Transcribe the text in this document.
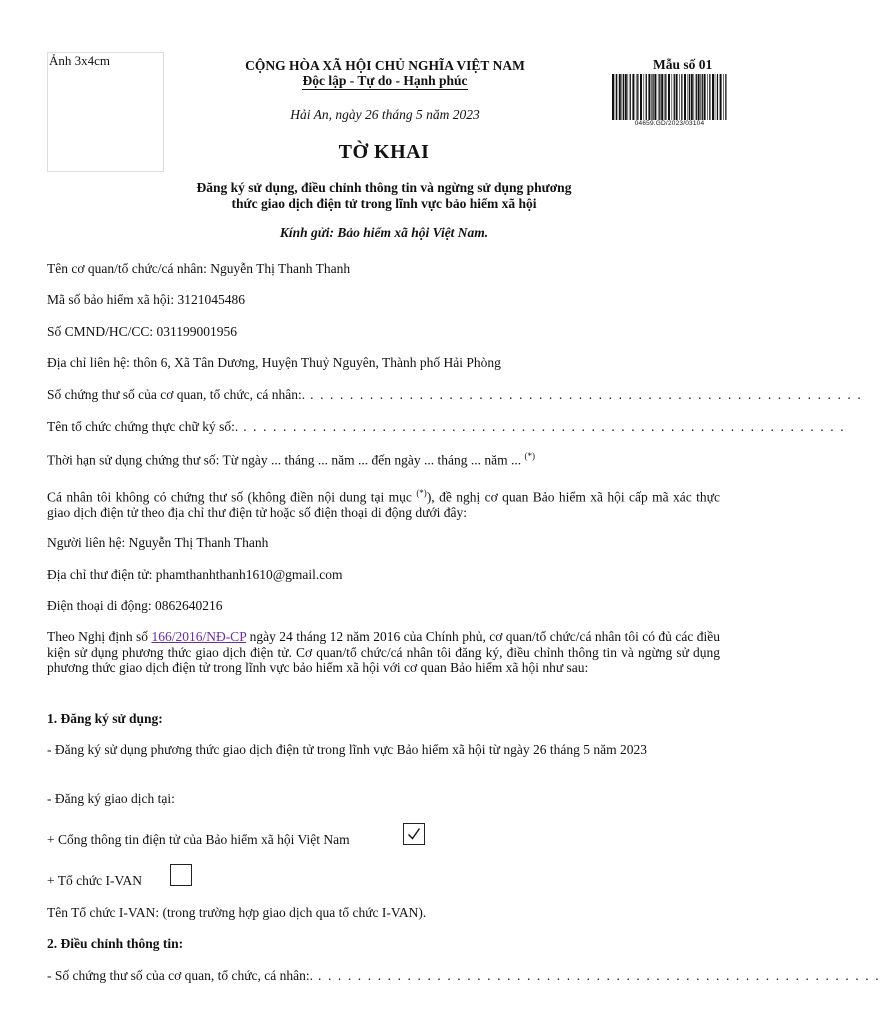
Ảnh 3x4cm	CỘNG HÒA XÃ HỘI CHỦ NGHĨA VIỆT NAM
Độc lập - Tự do - Hạnh phúc
Hải An, ngày 26 tháng 5 năm 2023
Mẫu số 01
04659.GD/2023/03104
TỜ KHAI
Đăng ký sử dụng, điều chỉnh thông tin và ngừng sử dụng phương
thức giao dịch điện tử trong lĩnh vực bảo hiểm xã hội
Kính gửi: Bảo hiểm xã hội Việt Nam.
Tên cơ quan/tổ chức/cá nhân: Nguyễn Thị Thanh Thanh
Mã số bảo hiểm xã hội: 3121045486
Số CMND/HC/CC: 031199001956
Địa chỉ liên hệ: thôn 6, Xã Tân Dương, Huyện Thuỷ Nguyên, Thành phố Hải Phòng
Số chứng thư số của cơ quan, tổ chức, cá nhân:. . . . . . . . . . . . . . . . . . . . . . . . . . . . . . . . . . . . . . . . . . . . . . . . . . . . . . . . .
Tên tổ chức chứng thực chữ ký số:. . . . . . . . . . . . . . . . . . . . . . . . . . . . . . . . . . . . . . . . . . . . . . . . . . . . . . . . . . . . . .
Thời hạn sử dụng chứng thư số: Từ ngày ... tháng ... năm ... đến ngày ... tháng ... năm ... (*)
Cá nhân tôi không có chứng thư số (không điền nội dung tại mục (*)), đề nghị cơ quan Bảo hiểm xã hội cấp mã xác thực giao dịch điện tử theo địa chỉ thư điện tử hoặc số điện thoại di động dưới đây:
Người liên hệ: Nguyễn Thị Thanh Thanh
Địa chỉ thư điện tử: phamthanhthanh1610@gmail.com
Điện thoại di động: 0862640216
Theo Nghị định số 166/2016/NĐ-CP ngày 24 tháng 12 năm 2016 của Chính phủ, cơ quan/tổ chức/cá nhân tôi có đủ các điều kiện sử dụng phương thức giao dịch điện tử. Cơ quan/tổ chức/cá nhân tôi đăng ký, điều chỉnh thông tin và ngừng sử dụng phương thức giao dịch điện tử trong lĩnh vực bảo hiểm xã hội với cơ quan Bảo hiểm xã hội như sau:
1. Đăng ký sử dụng:
- Đăng ký sử dụng phương thức giao dịch điện tử trong lĩnh vực Bảo hiểm xã hội từ ngày 26 tháng 5 năm 2023
- Đăng ký giao dịch tại:
+ Cổng thông tin điện tử của Bảo hiểm xã hội Việt Nam
+ Tổ chức I-VAN
Tên Tổ chức I-VAN: (trong trường hợp giao dịch qua tổ chức I-VAN).
2. Điều chỉnh thông tin:
- Số chứng thư số của cơ quan, tổ chức, cá nhân:. . . . . . . . . . . . . . . . . . . . . . . . . . . . . . . . . . . . . . . . . . . . . . . . . . . . . . . . . .
